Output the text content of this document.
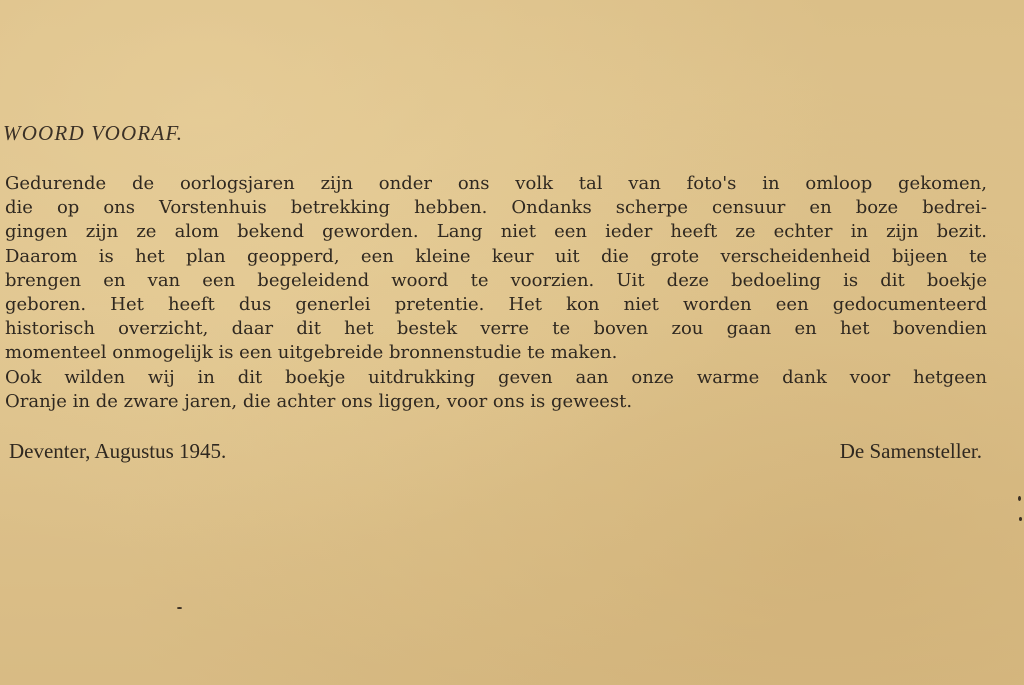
WOORD VOORAF.
Gedurende de oorlogsjaren zijn onder ons volk tal van foto's in omloop gekomen,
die op ons Vorstenhuis betrekking hebben. Ondanks scherpe censuur en boze bedrei-
gingen zijn ze alom bekend geworden. Lang niet een ieder heeft ze echter in zijn bezit.
Daarom is het plan geopperd, een kleine keur uit die grote verscheidenheid bijeen te
brengen en van een begeleidend woord te voorzien. Uit deze bedoeling is dit boekje
geboren. Het heeft dus generlei pretentie. Het kon niet worden een gedocumenteerd
historisch overzicht, daar dit het bestek verre te boven zou gaan en het bovendien
momenteel onmogelijk is een uitgebreide bronnenstudie te maken.
Ook wilden wij in dit boekje uitdrukking geven aan onze warme dank voor hetgeen
Oranje in de zware jaren, die achter ons liggen, voor ons is geweest.
Deventer, Augustus 1945.	De Samensteller.
